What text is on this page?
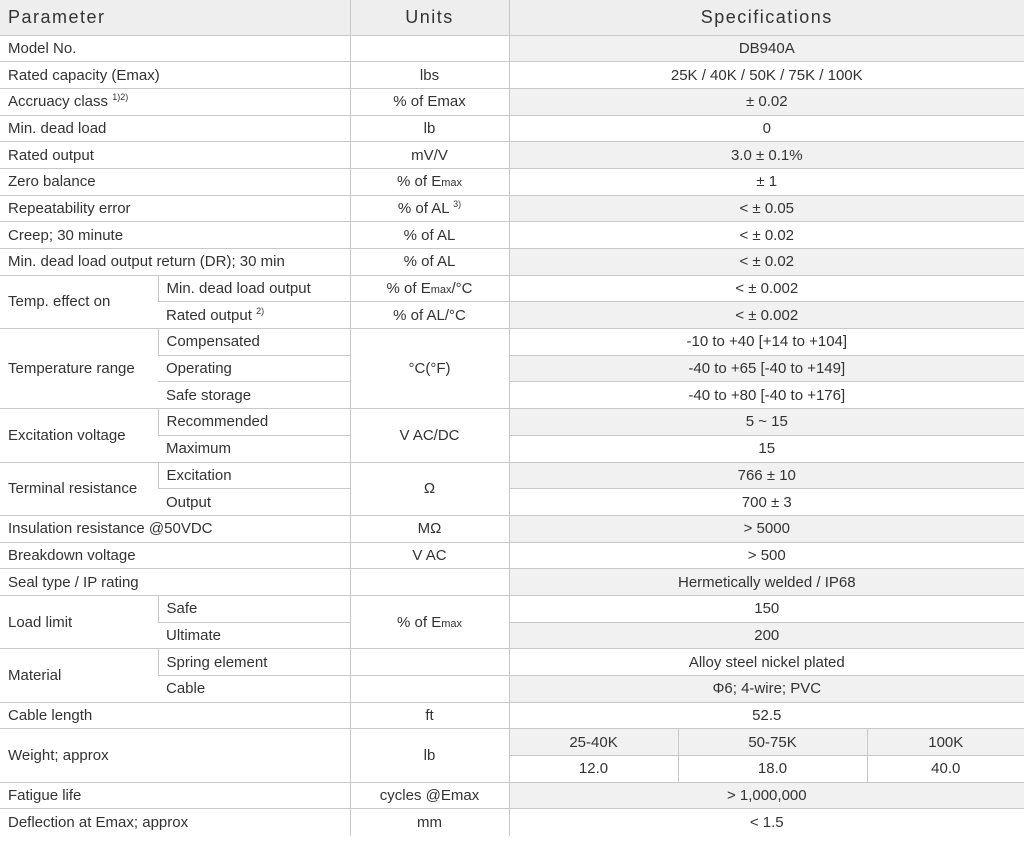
Parameter		Units	Specifications		
Model No.			DB940A		
Rated capacity (Emax)		lbs	25K / 40K / 50K / 75K / 100K		
Accruacy class $^{1)2)}$		% of Emax	± 0.02		
Min. dead load		lb	0		
Rated output		mV/V	3.0 ± 0.1%		
Zero balance		% of Emax	± 1		
Repeatability error		% of AL $^{3)}$	< ± 0.05		
Creep; 30 minute		% of AL	< ± 0.02		
Min. dead load output return (DR); 30 min		% of AL	< ± 0.02		
Temp. effect on	Min. dead load output	% of Emax/°C	< ± 0.002		
	Rated output $^{2)}$	% of AL/°C	< ± 0.002		
Temperature range	Compensated	°C(°F)	-10 to +40 [+14 to +104]		
	Operating		-40 to +65 [-40 to +149]		
	Safe storage		-40 to +80 [-40 to +176]		
Excitation voltage	Recommended	V AC/DC	5 ~ 15		
	Maximum		15		
Terminal resistance	Excitation	Ω	766 ± 10		
	Output		700 ± 3		
Insulation resistance @50VDC		MΩ	> 5000		
Breakdown voltage		V AC	> 500		
Seal type / IP rating			Hermetically welded / IP68		
Load limit	Safe	% of Emax	150		
	Ultimate		200		
Material	Spring element		Alloy steel nickel plated		
	Cable		Φ6; 4-wire; PVC		
Cable length		ft	52.5		
Weight; approx		lb	25-40K	50-75K	100K
			12.0	18.0	40.0
Fatigue life		cycles @Emax	> 1,000,000		
Deflection at Emax; approx		mm	< 1.5		
